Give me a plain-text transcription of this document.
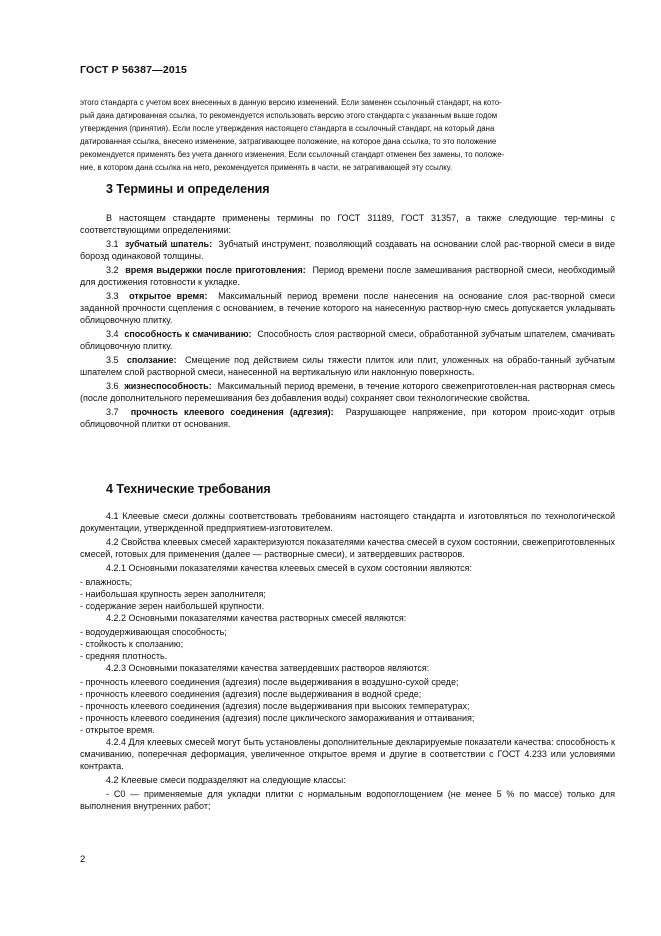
ГОСТ Р 56387—2015

этого стандарта с учетом всех внесенных в данную версию изменений. Если заменен ссылочный стандарт, на кото-

рый дана датированная ссылка, то рекомендуется использовать версию этого стандарта с указанным выше годом

утверждения (принятия). Если после утверждения настоящего стандарта в ссылочный стандарт, на который дана

датированная ссылка, внесено изменение, затрагивающее положение, на которое дана ссылка, то это положение

рекомендуется применять без учета данного изменения. Если ссылочный стандарт отменен без замены, то положе-

ние, в котором дана ссылка на него, рекомендуется применять в части, не затрагивающей эту ссылку.

3 Термины и определения

В настоящем стандарте применены термины по ГОСТ 31189, ГОСТ 31357, а также следующие тер-мины с соответствующими определениями:

3.1 зубчатый шпатель: Зубчатый инструмент, позволяющий создавать на основании слой рас-творной смеси в виде борозд одинаковой толщины.

3.2 время выдержки после приготовления: Период времени после замешивания растворной смеси, необходимый для достижения готовности к укладке.

3.3 открытое время: Максимальный период времени после нанесения на основание слоя рас-творной смеси заданной прочности сцепления с основанием, в течение которого на нанесенную раствор-ную смесь допускается укладывать облицовочную плитку.

3.4 способность к смачиванию: Способность слоя растворной смеси, обработанной зубчатым шпателем, смачивать облицовочную плитку.

3.5 сползание: Смещение под действием силы тяжести плиток или плит, уложенных на обрабо-танный зубчатым шпателем слой растворной смеси, нанесенной на вертикальную или наклонную поверхность.

3.6 жизнеспособность: Максимальный период времени, в течение которого свежеприготовлен-ная растворная смесь (после дополнительного перемешивания без добавления воды) сохраняет свои технологические свойства.

3.7 прочность клеевого соединения (адгезия): Разрушающее напряжение, при котором проис-ходит отрыв облицовочной плитки от основания.

4 Технические требования

4.1 Клеевые смеси должны соответствовать требованиям настоящего стандарта и изготовляться по технологической документации, утвержденной предприятием-изготовителем.

4.2 Свойства клеевых смесей характеризуются показателями качества смесей в сухом состоянии, свежеприготовленных смесей, готовых для применения (далее — растворные смеси), и затвердевших растворов.

4.2.1 Основными показателями качества клеевых смесей в сухом состоянии являются:

- влажность;

- наибольшая крупность зерен заполнителя;

- содержание зерен наибольшей крупности.

4.2.2 Основными показателями качества растворных смесей являются:

- водоудерживающая способность;

- стойкость к сползанию;

- средняя плотность.

4.2.3 Основными показателями качества затвердевших растворов являются:

- прочность клеевого соединения (адгезия) после выдерживания в воздушно-сухой среде;

- прочность клеевого соединения (адгезия) после выдерживания в водной среде;

- прочность клеевого соединения (адгезия) после выдерживания при высоких температурах;

- прочность клеевого соединения (адгезия) после циклического замораживания и оттаивания;

- открытое время.

4.2.4 Для клеевых смесей могут быть установлены дополнительные декларируемые показатели качества: способность к смачиванию, поперечная деформация, увеличенное открытое время и другие в соответствии с ГОСТ 4.233 или условиями контракта.

4.2 Клеевые смеси подразделяют на следующие классы:

- С0 — применяемые для укладки плитки с нормальным водопоглощением (не менее 5 % по массе) только для выполнения внутренних работ;

2
